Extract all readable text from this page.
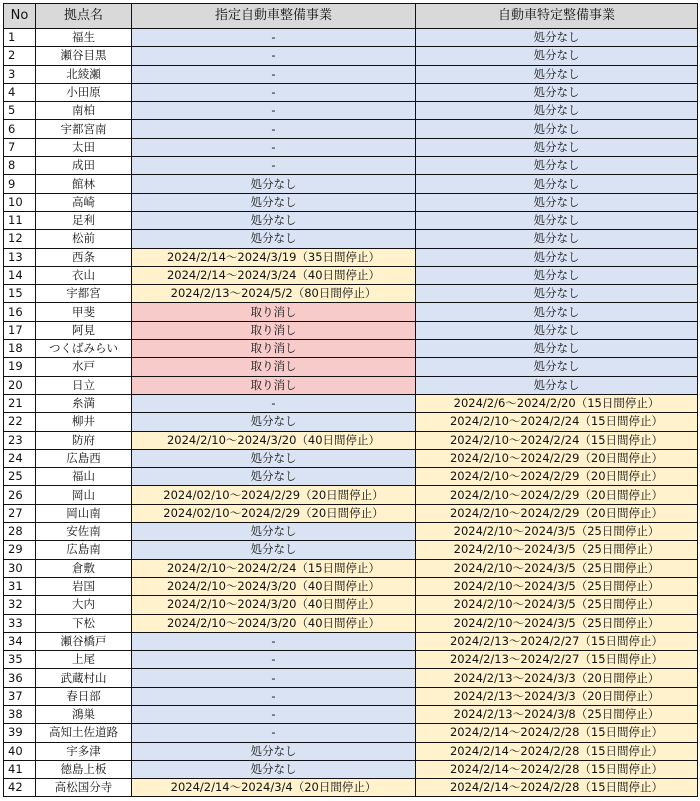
No	拠点名	指定自動車整備事業	自動車特定整備事業
1	福生	-	処分なし
2	瀬谷目黒	-	処分なし
3	北綾瀬	-	処分なし
4	小田原	-	処分なし
5	南柏	-	処分なし
6	宇都宮南	-	処分なし
7	太田	-	処分なし
8	成田	-	処分なし
9	館林	処分なし	処分なし
10	高崎	処分なし	処分なし
11	足利	処分なし	処分なし
12	松前	処分なし	処分なし
13	西条	2024/2/14～2024/3/19（35日間停止）	処分なし
14	衣山	2024/2/14～2024/3/24（40日間停止）	処分なし
15	宇都宮	2024/2/13～2024/5/2（80日間停止）	処分なし
16	甲斐	取り消し	処分なし
17	阿見	取り消し	処分なし
18	つくばみらい	取り消し	処分なし
19	水戸	取り消し	処分なし
20	日立	取り消し	処分なし
21	糸満	-	2024/2/6～2024/2/20（15日間停止）
22	柳井	処分なし	2024/2/10～2024/2/24（15日間停止）
23	防府	2024/2/10～2024/3/20（40日間停止）	2024/2/10～2024/2/24（15日間停止）
24	広島西	処分なし	2024/2/10～2024/2/29（20日間停止）
25	福山	処分なし	2024/2/10～2024/2/29（20日間停止）
26	岡山	2024/02/10～2024/2/29（20日間停止）	2024/2/10～2024/2/29（20日間停止）
27	岡山南	2024/02/10～2024/2/29（20日間停止）	2024/2/10～2024/2/29（20日間停止）
28	安佐南	処分なし	2024/2/10～2024/3/5（25日間停止）
29	広島南	処分なし	2024/2/10～2024/3/5（25日間停止）
30	倉敷	2024/2/10～2024/2/24（15日間停止）	2024/2/10～2024/3/5（25日間停止）
31	岩国	2024/2/10～2024/3/20（40日間停止）	2024/2/10～2024/3/5（25日間停止）
32	大内	2024/2/10～2024/3/20（40日間停止）	2024/2/10～2024/3/5（25日間停止）
33	下松	2024/2/10～2024/3/20（40日間停止）	2024/2/10～2024/3/5（25日間停止）
34	瀬谷橋戸	-	2024/2/13～2024/2/27（15日間停止）
35	上尾	-	2024/2/13～2024/2/27（15日間停止）
36	武蔵村山	-	2024/2/13～2024/3/3（20日間停止）
37	春日部	-	2024/2/13～2024/3/3（20日間停止）
38	鴻巣	-	2024/2/13～2024/3/8（25日間停止）
39	高知土佐道路	-	2024/2/14～2024/2/28（15日間停止）
40	宇多津	処分なし	2024/2/14～2024/2/28（15日間停止）
41	徳島上板	処分なし	2024/2/14～2024/2/28（15日間停止）
42	高松国分寺	2024/2/14～2024/3/4（20日間停止）	2024/2/14～2024/2/28（15日間停止）
